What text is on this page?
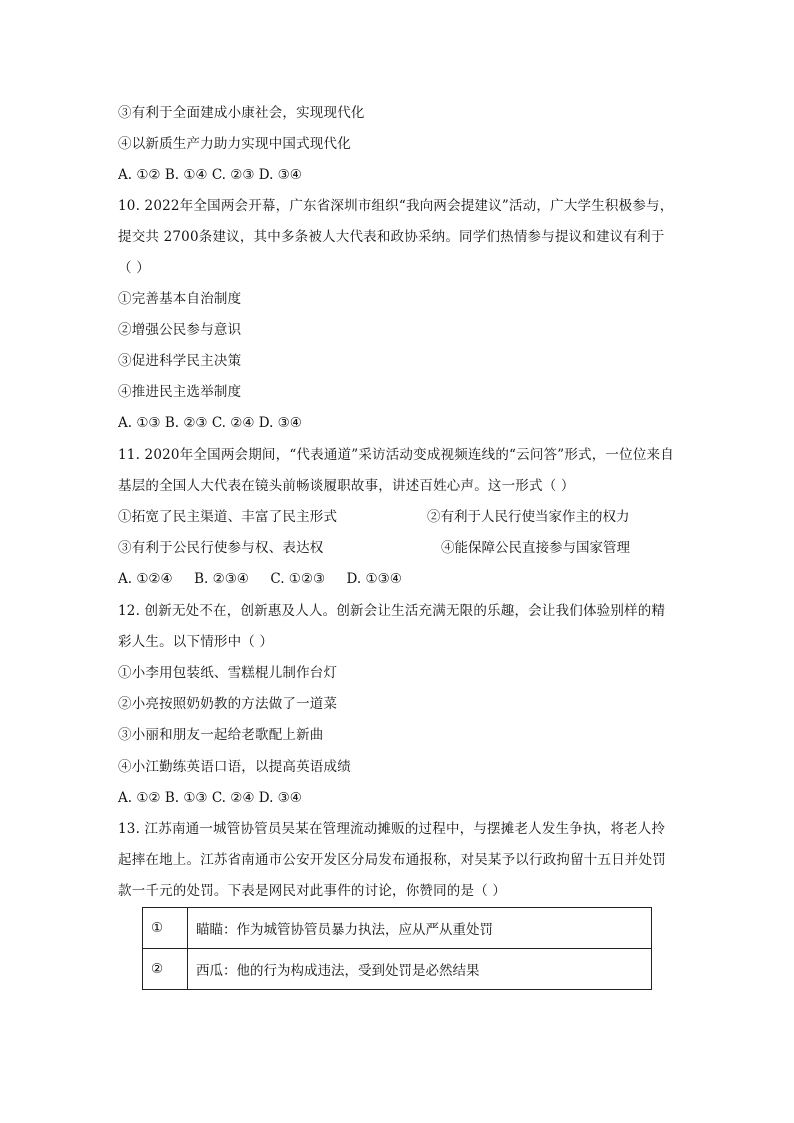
③有利于全面建成小康社会，实现现代化
④以新质生产力助力实现中国式现代化
A. ①② B. ①④ C. ②③ D. ③④
10. 2022年全国两会开幕，广东省深圳市组织“我向两会提建议”活动，广大学生积极参与，
提交共 2700条建议，其中多条被人大代表和政协采纳。同学们热情参与提议和建议有利于
（ ）
①完善基本自治制度
②增强公民参与意识
③促进科学民主决策
④推进民主选举制度
A. ①③ B. ②③ C. ②④ D. ③④
11. 2020年全国两会期间，“代表通道”采访活动变成视频连线的“云问答”形式，一位位来自
基层的全国人大代表在镜头前畅谈履职故事，讲述百姓心声。这一形式（ ）
①拓宽了民主渠道、丰富了民主形式	②有利于人民行使当家作主的权力
③有利于公民行使参与权、表达权	④能保障公民直接参与国家管理
A. ①②④     B. ②③④     C. ①②③     D. ①③④
12. 创新无处不在，创新惠及人人。创新会让生活充满无限的乐趣，会让我们体验别样的精
彩人生。以下情形中（ ）
①小李用包装纸、雪糕棍儿制作台灯
②小亮按照奶奶教的方法做了一道菜
③小丽和朋友一起给老歌配上新曲
④小江勤练英语口语，以提高英语成绩
A. ①② B. ①③ C. ②④ D. ③④
13. 江苏南通一城管协管员吴某在管理流动摊贩的过程中，与摆摊老人发生争执，将老人拎
起摔在地上。江苏省南通市公安开发区分局发布通报称，对吴某予以行政拘留十五日并处罚
款一千元的处罚。下表是网民对此事件的讨论，你赞同的是（ ）
①	瞄瞄：作为城管协管员暴力执法，应从严从重处罚
②	西瓜：他的行为构成违法，受到处罚是必然结果
